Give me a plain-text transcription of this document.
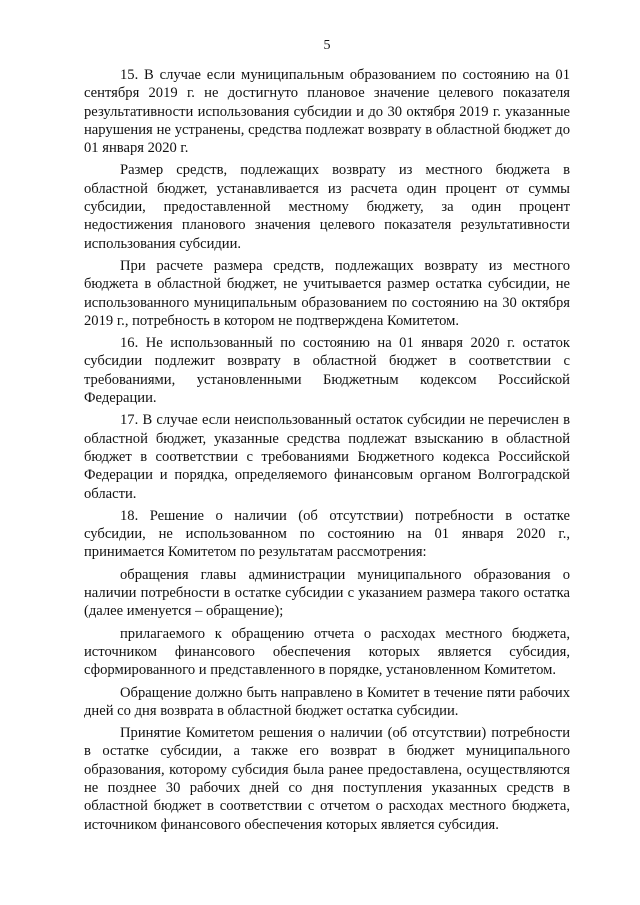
5

15. В случае если муниципальным образованием по состоянию на 01 сентября 2019 г. не достигнуто плановое значение целевого показателя результативности использования субсидии и до 30 октября 2019 г. указанные нарушения не устранены, средства подлежат возврату в областной бюджет до 01 января 2020 г.

Размер средств, подлежащих возврату из местного бюджета в областной бюджет, устанавливается из расчета один процент от суммы субсидии, предоставленной местному бюджету, за один процент недостижения планового значения целевого показателя результативности использования субсидии.

При расчете размера средств, подлежащих возврату из местного бюджета в областной бюджет, не учитывается размер остатка субсидии, не использованного муниципальным образованием по состоянию на 30 октября 2019 г., потребность в котором не подтверждена Комитетом.

16. Не использованный по состоянию на 01 января 2020 г. остаток субсидии подлежит возврату в областной бюджет в соответствии с требованиями, установленными Бюджетным кодексом Российской Федерации.

17. В случае если неиспользованный остаток субсидии не перечислен в областной бюджет, указанные средства подлежат взысканию в областной бюджет в соответствии с требованиями Бюджетного кодекса Российской Федерации и порядка, определяемого финансовым органом Волгоградской области.

18. Решение о наличии (об отсутствии) потребности в остатке субсидии, не использованном по состоянию на 01 января 2020 г., принимается Комитетом по результатам рассмотрения:

обращения главы администрации муниципального образования о наличии потребности в остатке субсидии с указанием размера такого остатка (далее именуется – обращение);

прилагаемого к обращению отчета о расходах местного бюджета, источником финансового обеспечения которых является субсидия, сформированного и представленного в порядке, установленном Комитетом.

Обращение должно быть направлено в Комитет в течение пяти рабочих дней со дня возврата в областной бюджет остатка субсидии.

Принятие Комитетом решения о наличии (об отсутствии) потребности в остатке субсидии, а также его возврат в бюджет муниципального образования, которому субсидия была ранее предоставлена, осуществляются не позднее 30 рабочих дней со дня поступления указанных средств в областной бюджет в соответствии с отчетом о расходах местного бюджета, источником финансового обеспечения которых является субсидия.
